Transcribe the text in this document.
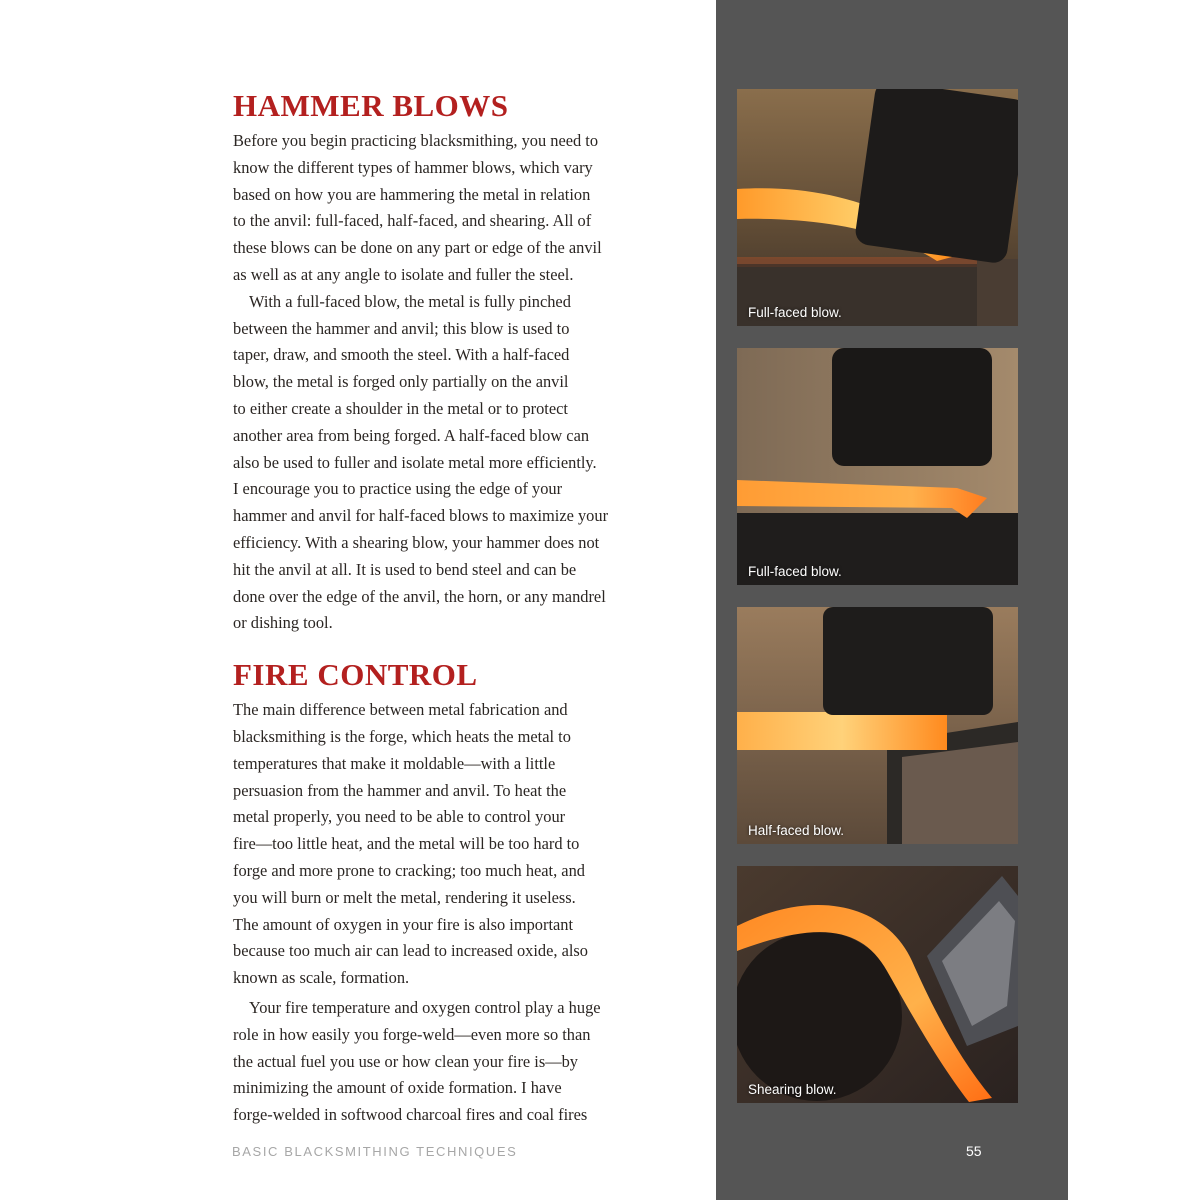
HAMMER BLOWS

Before you begin practicing blacksmithing, you need to

know the different types of hammer blows, which vary

based on how you are hammering the metal in relation

to the anvil: full-faced, half-faced, and shearing. All of

these blows can be done on any part or edge of the anvil

as well as at any angle to isolate and fuller the steel.

With a full-faced blow, the metal is fully pinched

between the hammer and anvil; this blow is used to

taper, draw, and smooth the steel. With a half-faced

blow, the metal is forged only partially on the anvil

to either create a shoulder in the metal or to protect

another area from being forged. A half-faced blow can

also be used to fuller and isolate metal more efficiently.

I encourage you to practice using the edge of your

hammer and anvil for half-faced blows to maximize your

efficiency. With a shearing blow, your hammer does not

hit the anvil at all. It is used to bend steel and can be

done over the edge of the anvil, the horn, or any mandrel

or dishing tool.

FIRE CONTROL

The main difference between metal fabrication and

blacksmithing is the forge, which heats the metal to

temperatures that make it moldable—with a little

persuasion from the hammer and anvil. To heat the

metal properly, you need to be able to control your

fire—too little heat, and the metal will be too hard to

forge and more prone to cracking; too much heat, and

you will burn or melt the metal, rendering it useless.

The amount of oxygen in your fire is also important

because too much air can lead to increased oxide, also

known as scale, formation.

Your fire temperature and oxygen control play a huge

role in how easily you forge-weld—even more so than

the actual fuel you use or how clean your fire is—by

minimizing the amount of oxide formation. I have

forge-welded in softwood charcoal fires and coal fires

Full-faced blow.
Full-faced blow.
Half-faced blow.
Shearing blow.
BASIC BLACKSMITHING TECHNIQUES	55
